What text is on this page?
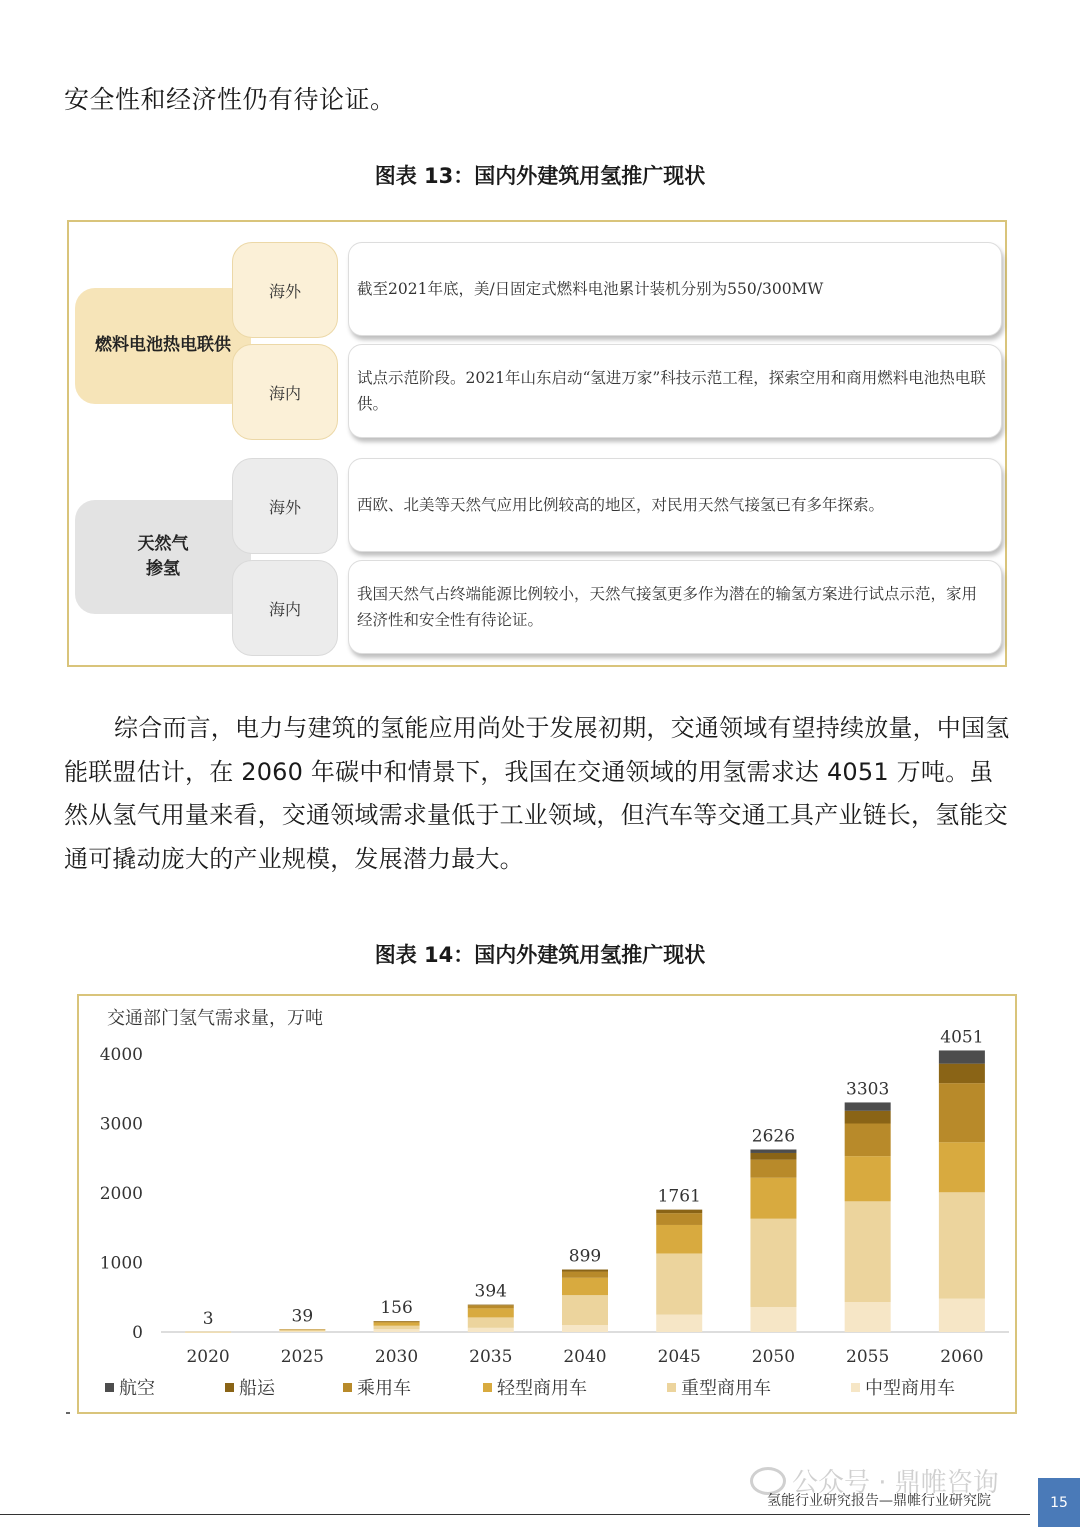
安全性和经济性仍有待论证。
图表 13：国内外建筑用氢推广现状
燃料电池热电联供
天然气
掺氢
海外
海内
海外
海内
截至2021年底，美/日固定式燃料电池累计装机分别为550/300MW
试点示范阶段。2021年山东启动“氢进万家”科技示范工程，探索空用和商用燃料电池热电联供。
西欧、北美等天然气应用比例较高的地区，对民用天然气接氢已有多年探索。
我国天然气占终端能源比例较小，天然气接氢更多作为潜在的输氢方案进行试点示范，家用经济性和安全性有待论证。
综合而言，电力与建筑的氢能应用尚处于发展初期，交通领域有望持续放量，中国氢能联盟估计，在 2060 年碳中和情景下，我国在交通领域的用氢需求达 4051 万吨。虽然从氢气用量来看，交通领域需求量低于工业领域，但汽车等交通工具产业链长，氢能交通可撬动庞大的产业规模，发展潜力最大。
图表 14：国内外建筑用氢推广现状
交通部门氢气需求量，万吨
0
1000
2000
3000
4000
3
2020
39
2025
156
2030
394
2035
899
2040
1761
2045
2626
2050
3303
2055
4051
2060
航空	船运	乘用车	轻型商用车	重型商用车	中型商用车
公众号 · 鼎帷咨询
氢能行业研究报告—鼎帷行业研究院	15
